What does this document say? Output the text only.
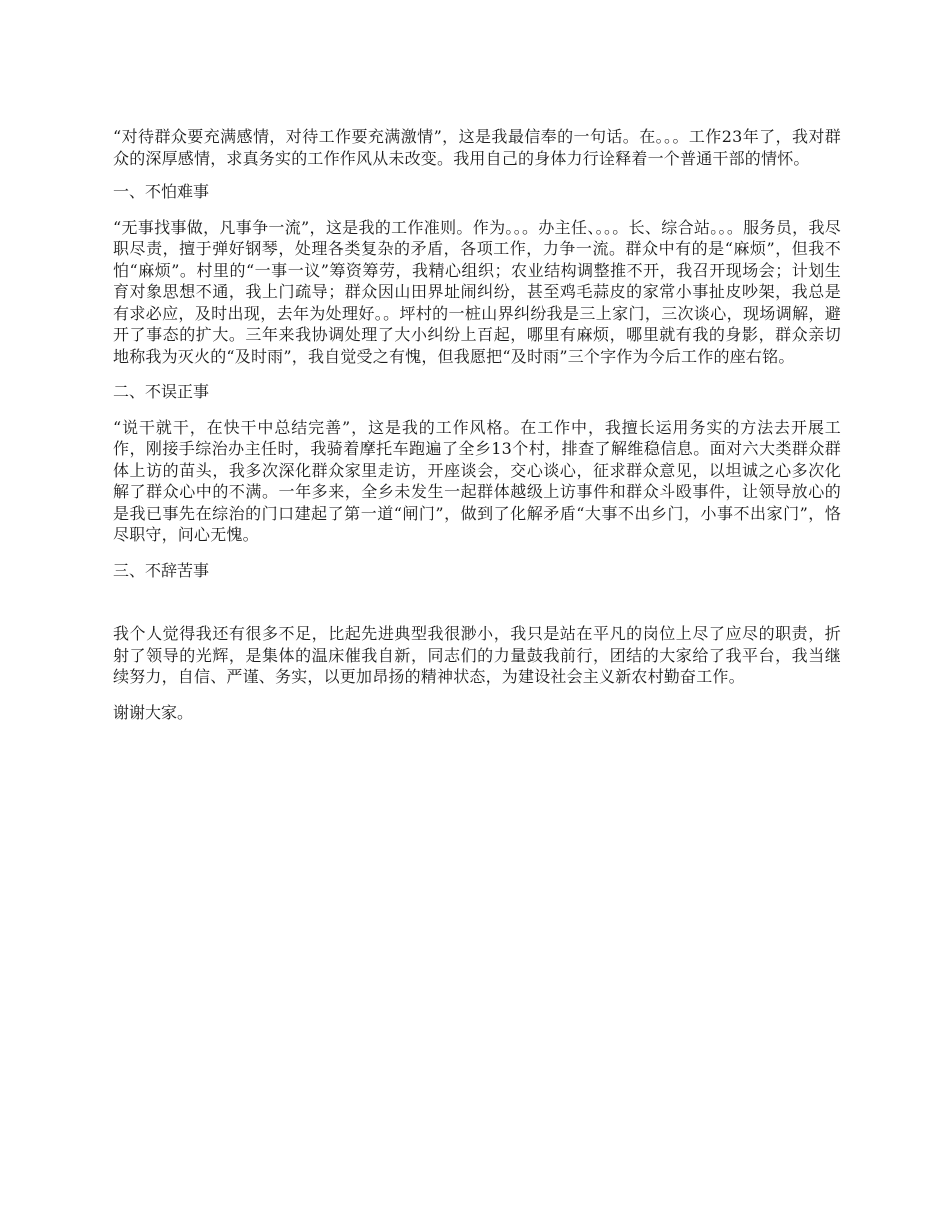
“对待群众要充满感情，对待工作要充满激情”，这是我最信奉的一句话。在。。。工作23年了，我对群众的深厚感情，求真务实的工作作风从未改变。我用自己的身体力行诠释着一个普通干部的情怀。

一、不怕难事

“无事找事做，凡事争一流”，这是我的工作准则。作为。。。办主任、。。。长、综合站。。。服务员，我尽职尽责，擅于弹好钢琴，处理各类复杂的矛盾，各项工作，力争一流。群众中有的是“麻烦”，但我不怕“麻烦”。村里的“一事一议”筹资筹劳，我精心组织；农业结构调整推不开，我召开现场会；计划生育对象思想不通，我上门疏导；群众因山田界址闹纠纷，甚至鸡毛蒜皮的家常小事扯皮吵架，我总是有求必应，及时出现，去年为处理好。。坪村的一桩山界纠纷我是三上家门，三次谈心，现场调解，避开了事态的扩大。三年来我协调处理了大小纠纷上百起，哪里有麻烦，哪里就有我的身影，群众亲切地称我为灭火的“及时雨”，我自觉受之有愧，但我愿把“及时雨”三个字作为今后工作的座右铭。

二、不误正事

“说干就干，在快干中总结完善”，这是我的工作风格。在工作中，我擅长运用务实的方法去开展工作，刚接手综治办主任时，我骑着摩托车跑遍了全乡13个村，排查了解维稳信息。面对六大类群众群体上访的苗头，我多次深化群众家里走访，开座谈会，交心谈心，征求群众意见，以坦诚之心多次化解了群众心中的不满。一年多来，全乡未发生一起群体越级上访事件和群众斗殴事件，让领导放心的是我已事先在综治的门口建起了第一道“闸门”，做到了化解矛盾“大事不出乡门，小事不出家门”，恪尽职守，问心无愧。

三、不辞苦事

我个人觉得我还有很多不足，比起先进典型我很渺小，我只是站在平凡的岗位上尽了应尽的职责，折射了领导的光辉，是集体的温床催我自新，同志们的力量鼓我前行，团结的大家给了我平台，我当继续努力，自信、严谨、务实，以更加昂扬的精神状态，为建设社会主义新农村勤奋工作。

谢谢大家。
